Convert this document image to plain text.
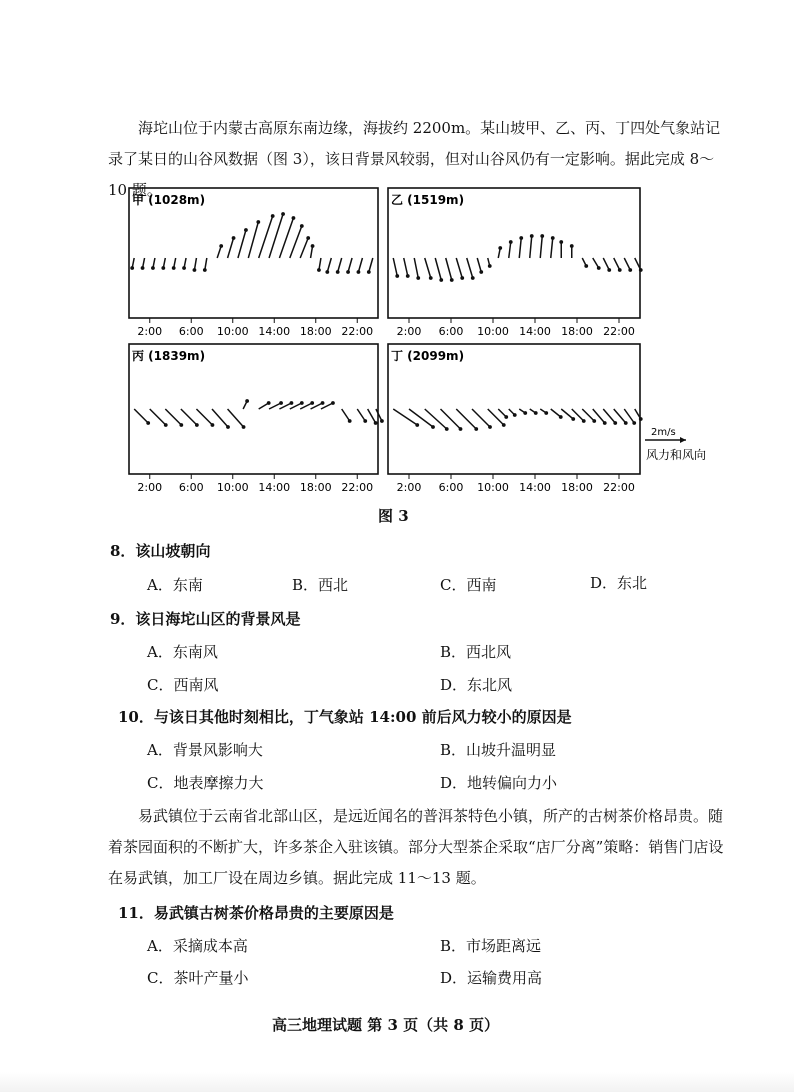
海坨山位于内蒙古高原东南边缘，海拔约 2200m。某山坡甲、乙、丙、丁四处气象站记录了某日的山谷风数据（图 3），该日背景风较弱，但对山谷风仍有一定影响。据此完成 8～10 题。
甲 (1028m)
2:00 6:00 10:00 14:00 18:00 22:00
乙 (1519m)
2:00 6:00 10:00 14:00 18:00 22:00
丙 (1839m)
2:00 6:00 10:00 14:00 18:00 22:00
丁 (2099m)
2:00 6:00 10:00 14:00 18:00 22:00
2m/s
风力和风向
图 3
8．该山坡朝向
A．东南	B．西北	C．西南	D．东北
9．该日海坨山区的背景风是
A．东南风	B．西北风
C．西南风	D．东北风
10．与该日其他时刻相比，丁气象站 14:00 前后风力较小的原因是
A．背景风影响大	B．山坡升温明显
C．地表摩擦力大	D．地转偏向力小
易武镇位于云南省北部山区，是远近闻名的普洱茶特色小镇，所产的古树茶价格昂贵。随着茶园面积的不断扩大，许多茶企入驻该镇。部分大型茶企采取“店厂分离”策略：销售门店设在易武镇，加工厂设在周边乡镇。据此完成 11～13 题。
11．易武镇古树茶价格昂贵的主要原因是
A．采摘成本高	B．市场距离远
C．茶叶产量小	D．运输费用高
高三地理试题 第 3 页（共 8 页）
